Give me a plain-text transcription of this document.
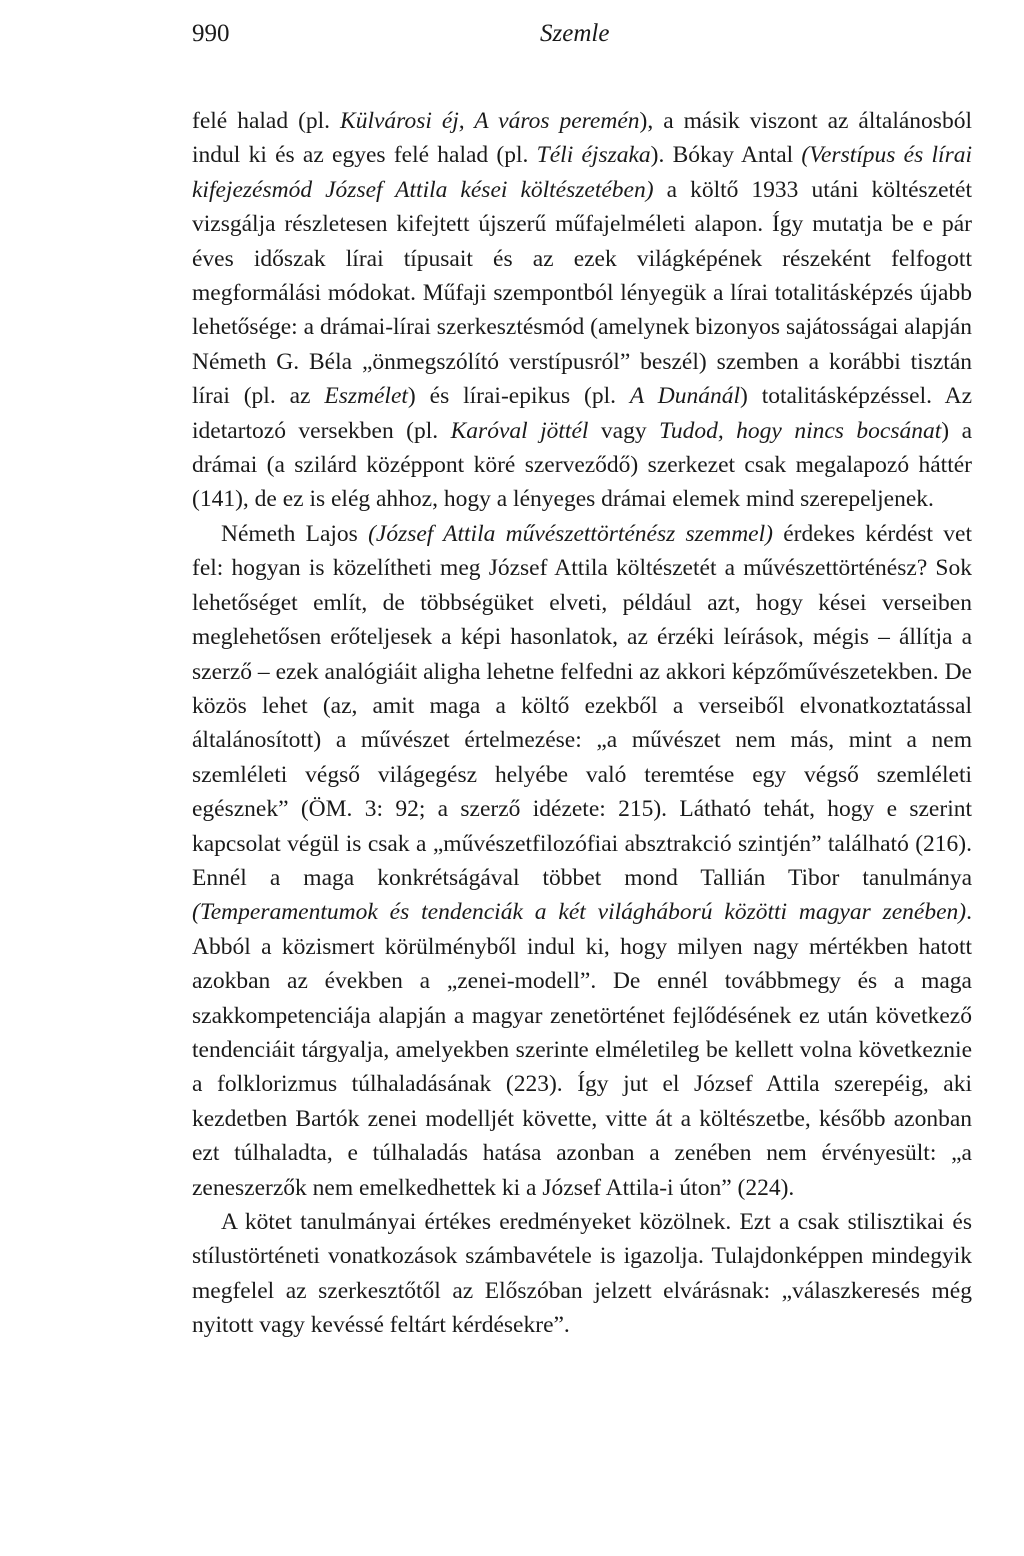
990	Szemle

felé halad (pl. Külvárosi éj, A város peremén), a másik viszont az általánosból indul ki és az egyes felé halad (pl. Téli éjszaka). Bókay Antal (Verstípus és lírai kifejezésmód József Attila kései költészetében) a költő 1933 utáni költészetét vizsgálja részletesen kifejtett újszerű műfajelméleti alapon. Így mutatja be e pár éves időszak lírai típusait és az ezek világképének részeként felfogott megformálási módokat. Műfaji szempontból lényegük a lírai totalitásképzés újabb lehetősége: a drámai-lírai szerkesztésmód (amelynek bizonyos sajátosságai alapján Németh G. Béla „önmegszólító verstípusról” beszél) szemben a korábbi tisztán lírai (pl. az Eszmélet) és lírai-epikus (pl. A Dunánál) totalitásképzéssel. Az idetartozó versekben (pl. Karóval jöttél vagy Tudod, hogy nincs bocsánat) a drámai (a szilárd középpont köré szerveződő) szerkezet csak megalapozó háttér (141), de ez is elég ahhoz, hogy a lényeges drámai elemek mind szerepeljenek.

Németh Lajos (József Attila művészettörténész szemmel) érdekes kérdést vet fel: hogyan is közelítheti meg József Attila költészetét a művészettörténész? Sok lehetőséget említ, de többségüket elveti, például azt, hogy kései verseiben meglehetősen erőteljesek a képi hasonlatok, az érzéki leírások, mégis – állítja a szerző – ezek analógiáit aligha lehetne felfedni az akkori képzőművészetekben. De közös lehet (az, amit maga a költő ezekből a verseiből elvonatkoztatással általánosított) a művészet értelmezése: „a művészet nem más, mint a nem szemléleti végső világegész helyébe való teremtése egy végső szemléleti egésznek” (ÖM. 3: 92; a szerző idézete: 215). Látható tehát, hogy e szerint kapcsolat végül is csak a „művészetfilozófiai absztrakció szintjén” található (216). Ennél a maga konkrétságával többet mond Tallián Tibor tanulmánya (Temperamentumok és tendenciák a két világháború közötti magyar zenében). Abból a közismert körülményből indul ki, hogy milyen nagy mértékben hatott azokban az években a „zenei-modell”. De ennél továbbmegy és a maga szakkompetenciája alapján a magyar zenetörténet fejlődésének ez után következő tendenciáit tárgyalja, amelyekben szerinte elméletileg be kellett volna következnie a folklorizmus túlhaladásának (223). Így jut el József Attila szerepéig, aki kezdetben Bartók zenei modelljét követte, vitte át a költészetbe, később azonban ezt túlhaladta, e túlhaladás hatása azonban a zenében nem érvényesült: „a zeneszerzők nem emelkedhettek ki a József Attila-i úton” (224).

A kötet tanulmányai értékes eredményeket közölnek. Ezt a csak stilisztikai és stílustörténeti vonatkozások számbavétele is igazolja. Tulajdonképpen mindegyik megfelel az szerkesztőtől az Előszóban jelzett elvárásnak: „válaszkeresés még nyitott vagy kevéssé feltárt kérdésekre”.
